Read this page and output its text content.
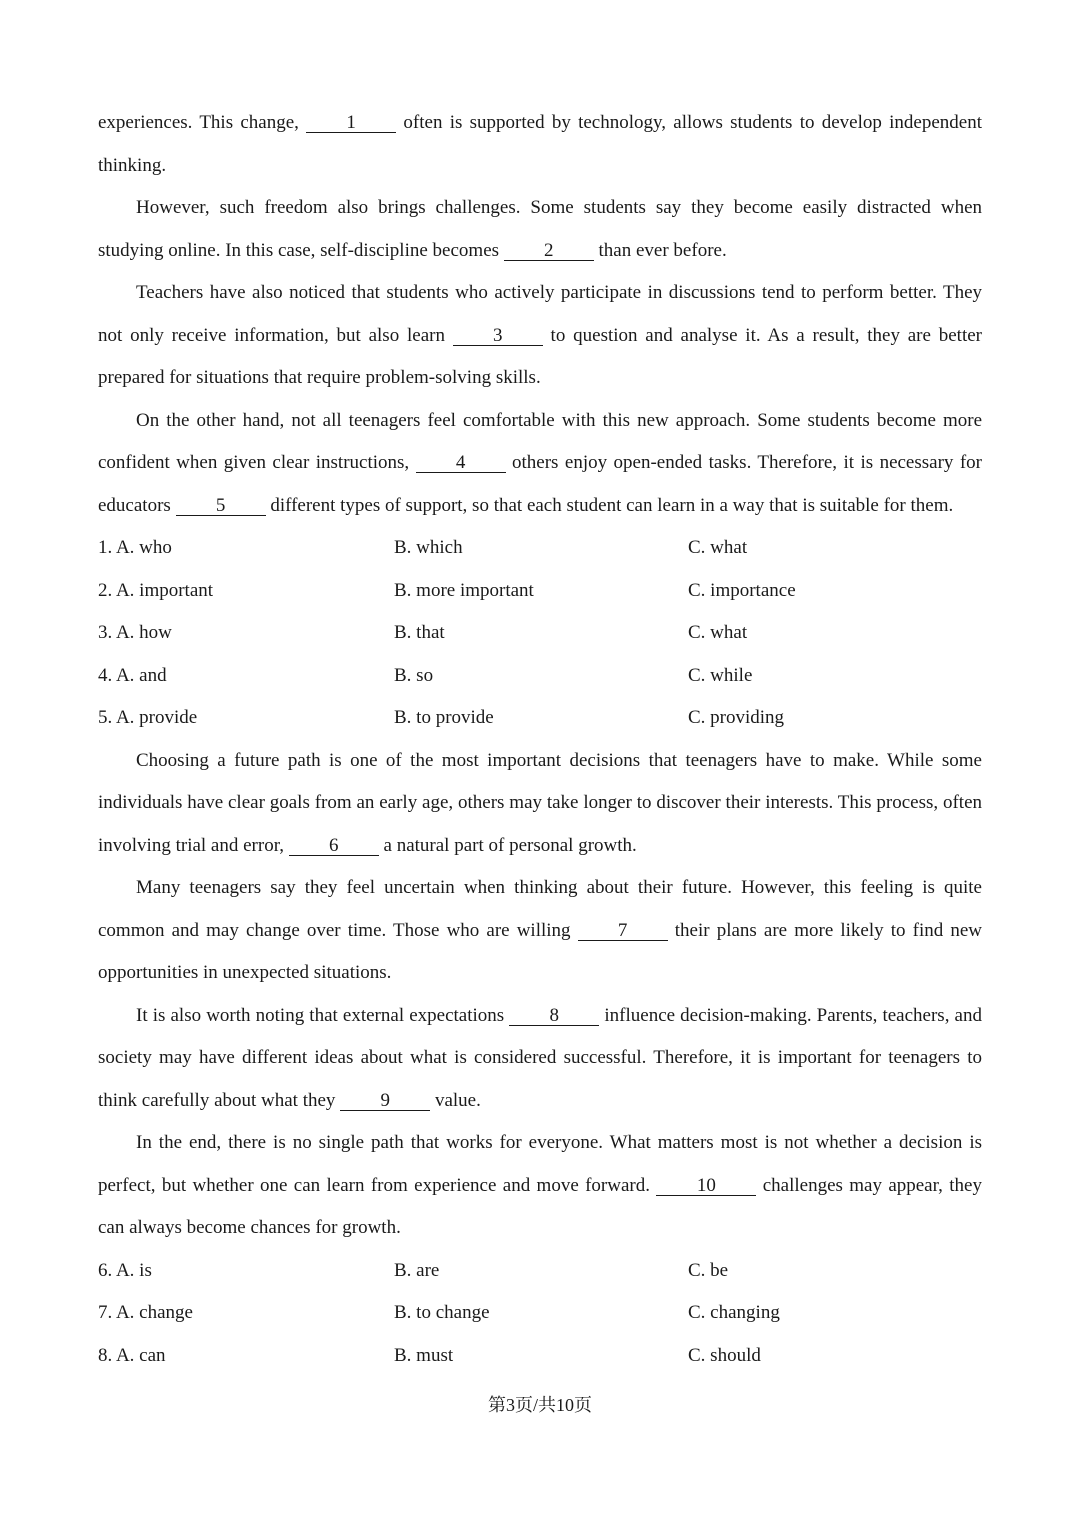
experiences. This change, 1 often is supported by technology, allows students to develop independent thinking.

However, such freedom also brings challenges. Some students say they become easily distracted when studying online. In this case, self-discipline becomes 2 than ever before.

Teachers have also noticed that students who actively participate in discussions tend to perform better. They not only receive information, but also learn 3 to question and analyse it. As a result, they are better prepared for situations that require problem-solving skills.

On the other hand, not all teenagers feel comfortable with this new approach. Some students become more confident when given clear instructions, 4 others enjoy open-ended tasks. Therefore, it is necessary for educators 5 different types of support, so that each student can learn in a way that is suitable for them.

1. A. who	B. which	C. what
2. A. important	B. more important	C. importance
3. A. how	B. that	C. what
4. A. and	B. so	C. while
5. A. provide	B. to provide	C. providing

Choosing a future path is one of the most important decisions that teenagers have to make. While some individuals have clear goals from an early age, others may take longer to discover their interests. This process, often involving trial and error, 6 a natural part of personal growth.

Many teenagers say they feel uncertain when thinking about their future. However, this feeling is quite common and may change over time. Those who are willing 7 their plans are more likely to find new opportunities in unexpected situations.

It is also worth noting that external expectations 8 influence decision-making. Parents, teachers, and society may have different ideas about what is considered successful. Therefore, it is important for teenagers to think carefully about what they 9 value.

In the end, there is no single path that works for everyone. What matters most is not whether a decision is perfect, but whether one can learn from experience and move forward. 10 challenges may appear, they can always become chances for growth.

6. A. is	B. are	C. be
7. A. change	B. to change	C. changing
8. A. can	B. must	C. should
第3页/共10页
